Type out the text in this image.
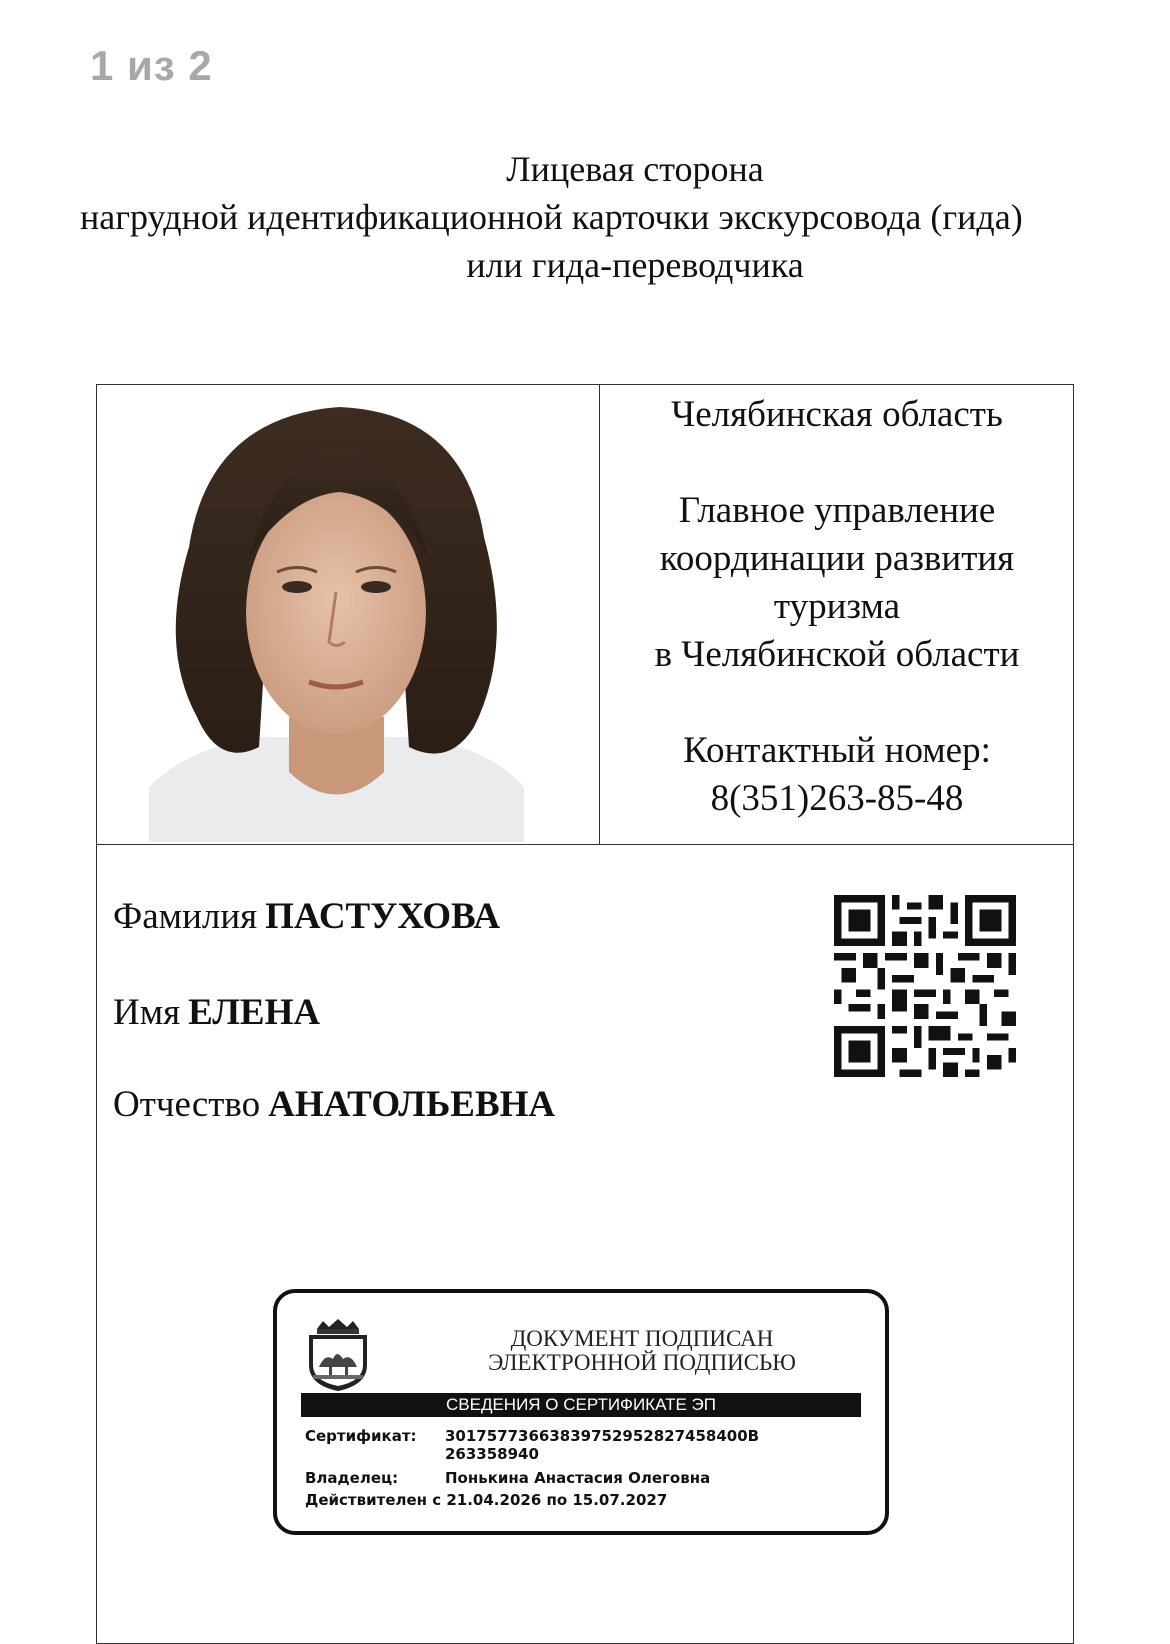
1 из 2
Лицевая сторона
нагрудной идентификационной карточки экскурсовода (гида)
или гида-переводчика
Челябинская область
Главное управление
координации развития
туризма
в Челябинской области
Контактный номер:
8(351)263-85-48
Фамилия ПАСТУХОВА
Имя ЕЛЕНА
Отчество АНАТОЛЬЕВНА
ДОКУМЕНТ ПОДПИСАН
ЭЛЕКТРОННОЙ ПОДПИСЬЮ
СВЕДЕНИЯ О СЕРТИФИКАТЕ ЭП
Сертификат: 30175773663839752952827458400B
263358940
Владелец:	Понькина Анастасия Олеговна
Действителен с 21.04.2026 по 15.07.2027
